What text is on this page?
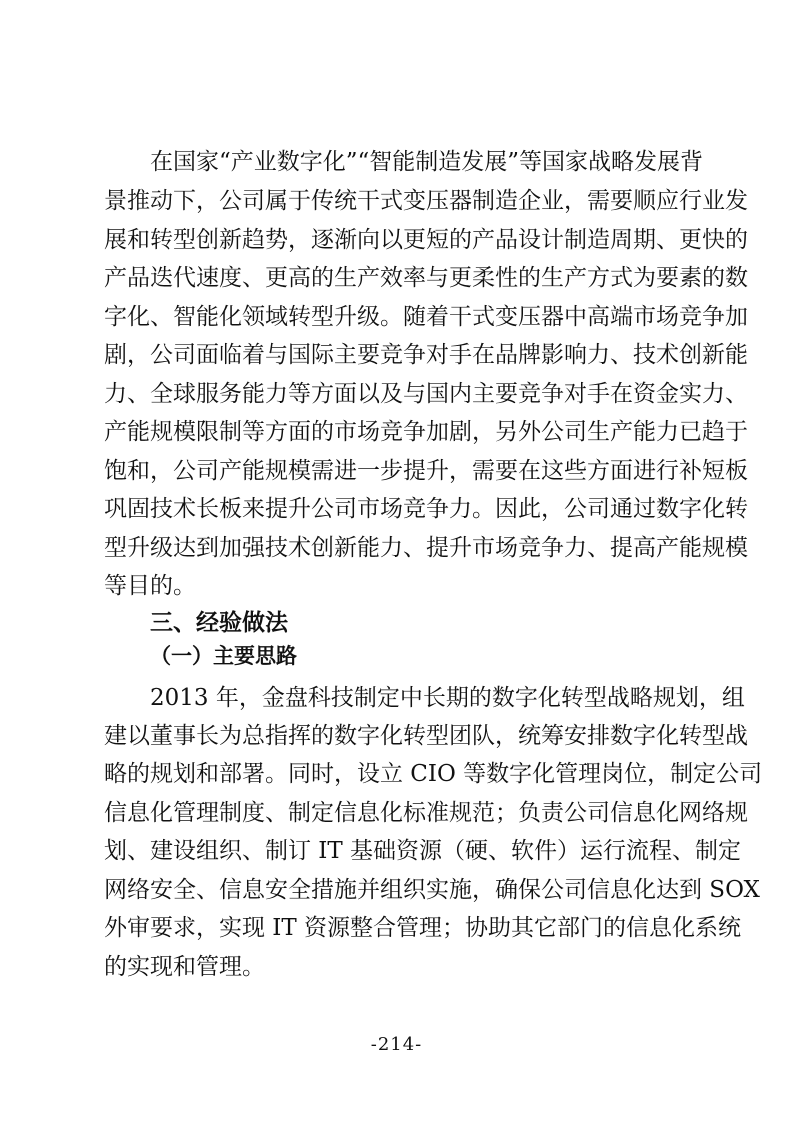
在国家“产业数字化”“智能制造发展”等国家战略发展背
景推动下，公司属于传统干式变压器制造企业，需要顺应行业发
展和转型创新趋势，逐渐向以更短的产品设计制造周期、更快的
产品迭代速度、更高的生产效率与更柔性的生产方式为要素的数
字化、智能化领域转型升级。随着干式变压器中高端市场竞争加
剧，公司面临着与国际主要竞争对手在品牌影响力、技术创新能
力、全球服务能力等方面以及与国内主要竞争对手在资金实力、
产能规模限制等方面的市场竞争加剧，另外公司生产能力已趋于
饱和，公司产能规模需进一步提升，需要在这些方面进行补短板
巩固技术长板来提升公司市场竞争力。因此，公司通过数字化转
型升级达到加强技术创新能力、提升市场竞争力、提高产能规模
等目的。
三、经验做法
（一）主要思路
2013 年，金盘科技制定中长期的数字化转型战略规划，组
建以董事长为总指挥的数字化转型团队，统筹安排数字化转型战
略的规划和部署。同时，设立 CIO 等数字化管理岗位，制定公司
信息化管理制度、制定信息化标准规范；负责公司信息化网络规
划、建设组织、制订 IT 基础资源（硬、软件）运行流程、制定
网络安全、信息安全措施并组织实施，确保公司信息化达到 SOX
外审要求，实现 IT 资源整合管理；协助其它部门的信息化系统
的实现和管理。
-214-
